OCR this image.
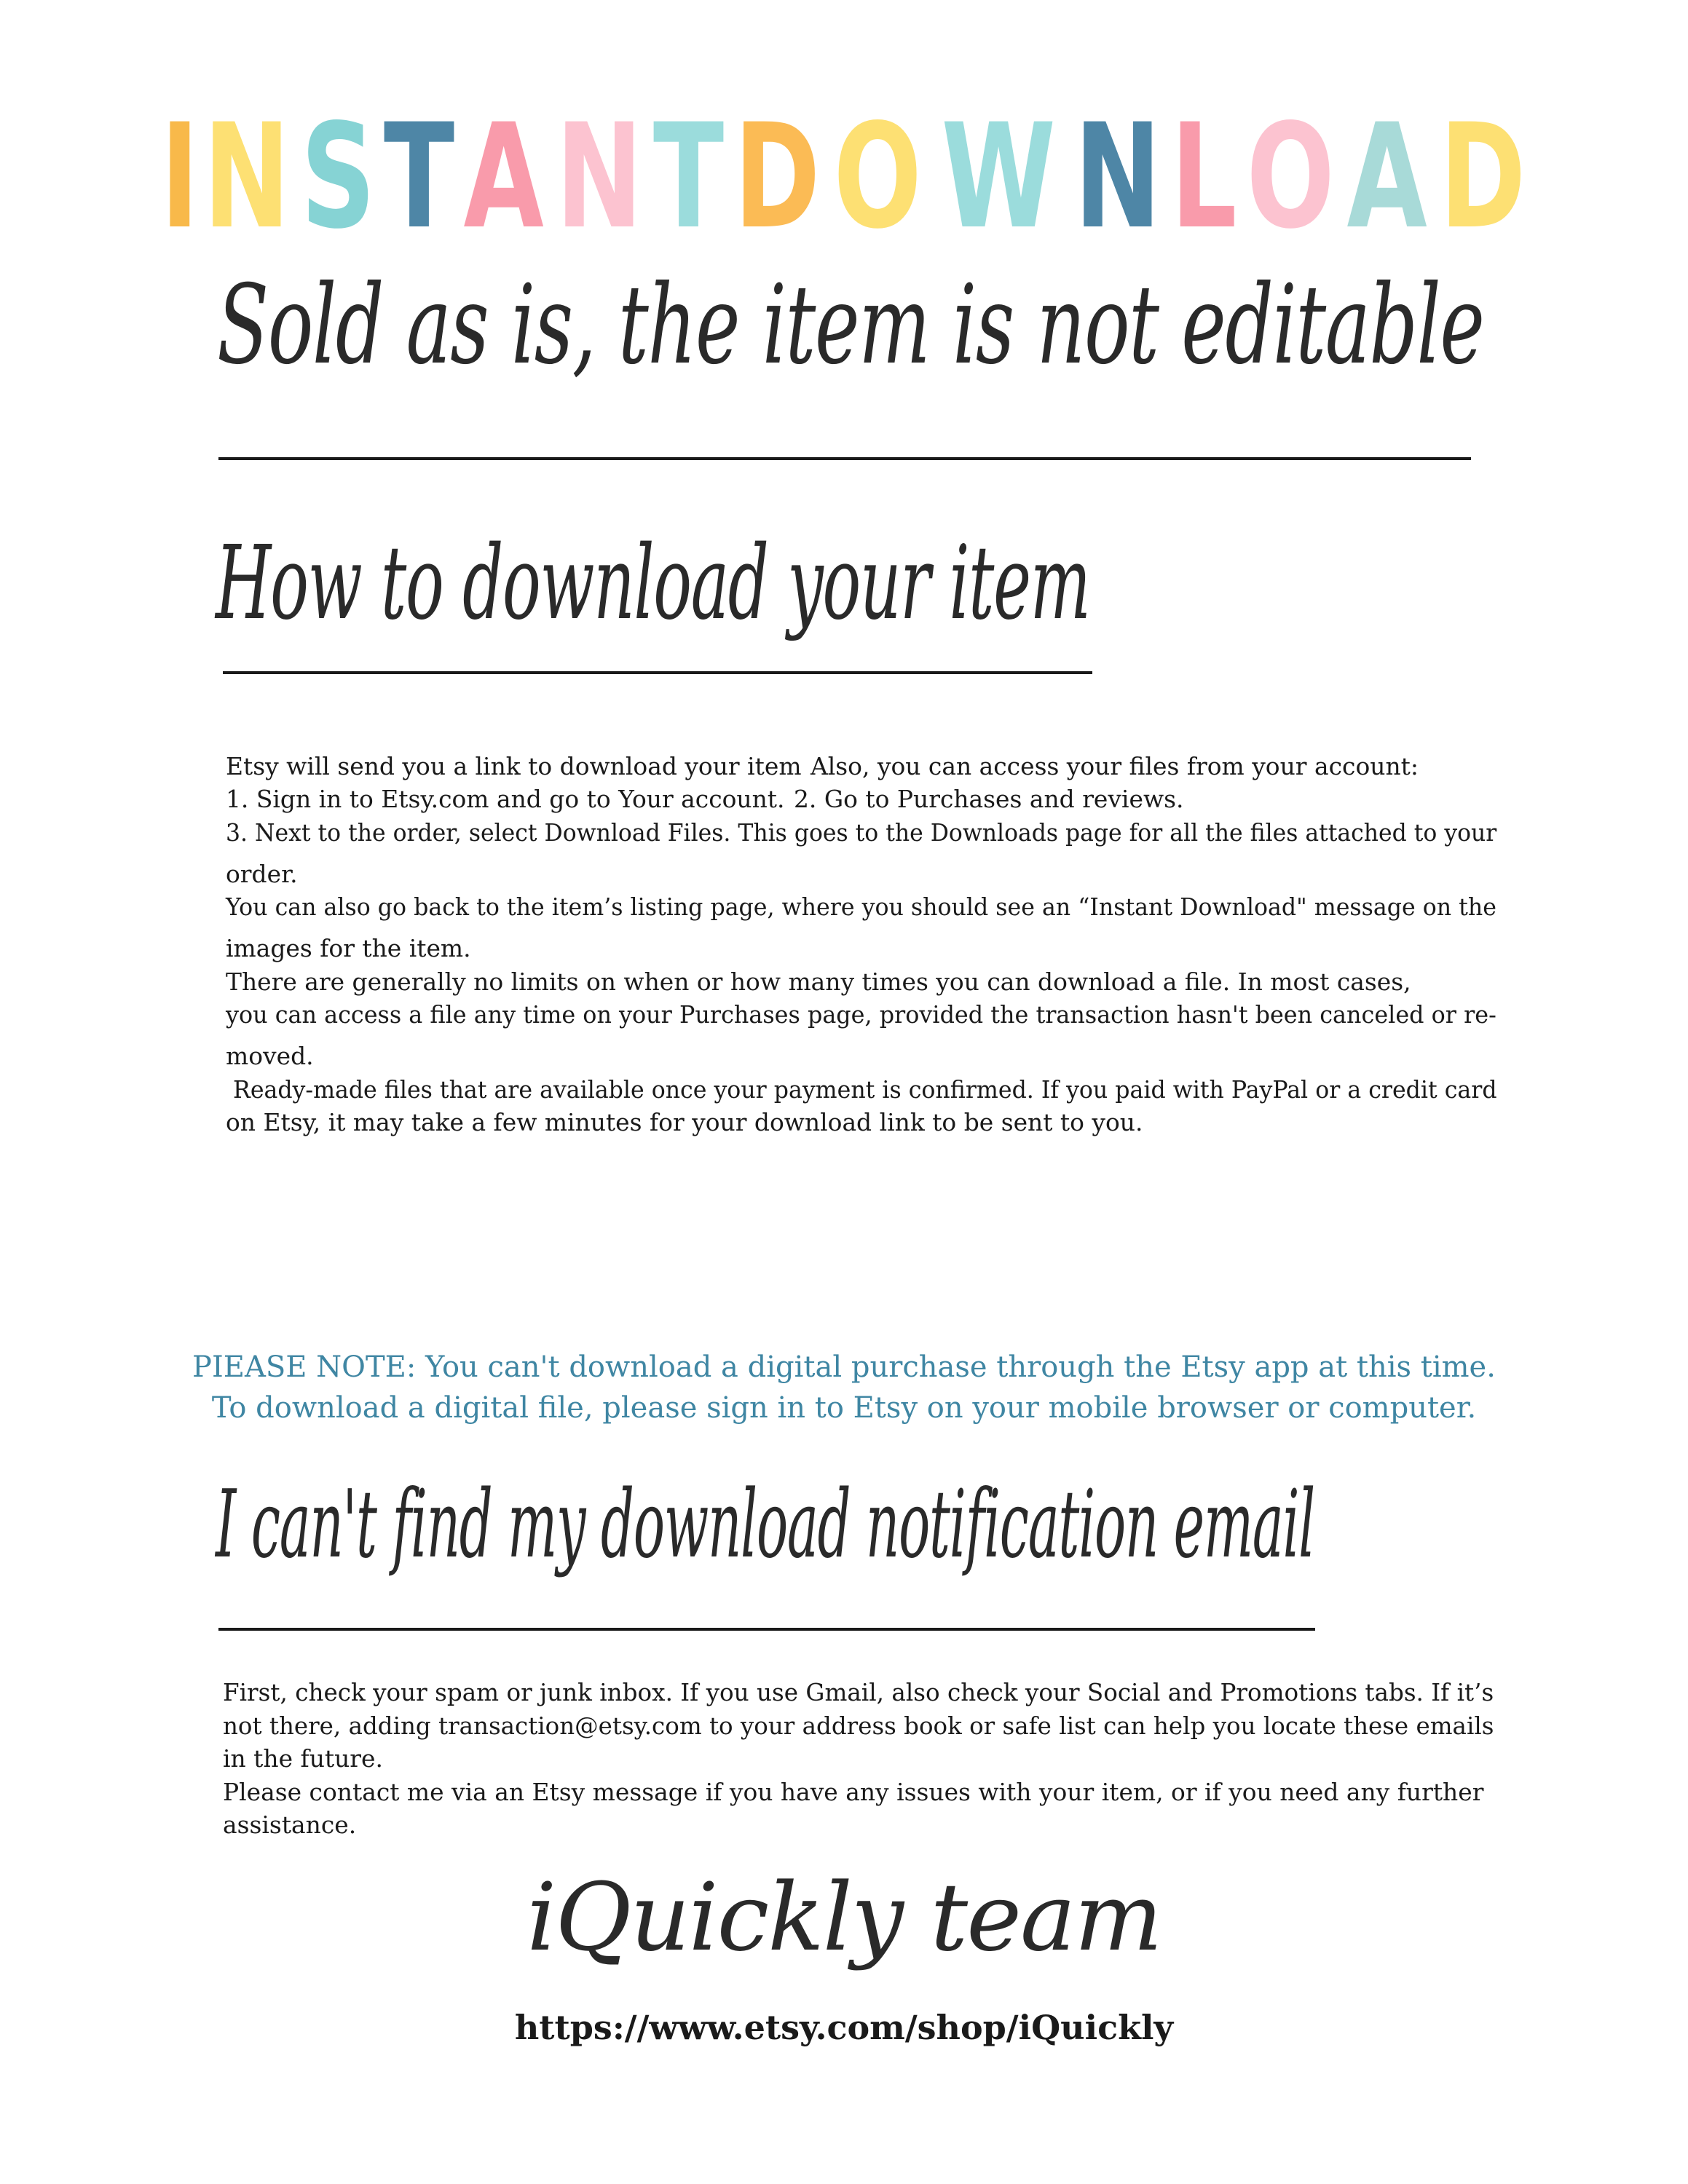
I N S T A N T D O W N L O A D
Sold as is, the item is not editable
How to download your item

Etsy will send you a link to download your item

Also, you can access your files from your account:

1. Sign in to Etsy.com and go to Your account.

2. Go to Purchases and reviews.

3. Next to the order, select Download Files. This goes to the Downloads page for all the files attached to your

order.

You can also go back to the item’s listing page, where you should see an “Instant Download" message on the

images for the item.

There are generally no limits on when or how many times you can download a file. In most cases,

you can access a file any time on your Purchases page, provided the transaction hasn't been canceled or re-

moved.

Ready-made files that are available once your payment is confirmed. If you paid with PayPal or a credit card

on Etsy, it may take a few minutes for your download link to be sent to you.

PIEASE NOTE: You can't download a digital purchase through the Etsy app at this time.

To download a digital file, please sign in to Etsy on your mobile browser or computer.

I can't find my download notification email

First, check your spam or junk inbox. If you use Gmail, also check your Social and Promotions tabs. If it’s

not there, adding transaction@etsy.com to your address book or safe list can help you locate these emails

in the future.

Please contact me via an Etsy message if you have any issues with your item, or if you need any further

assistance.

iQuickly team
https://www.etsy.com/shop/iQuickly
